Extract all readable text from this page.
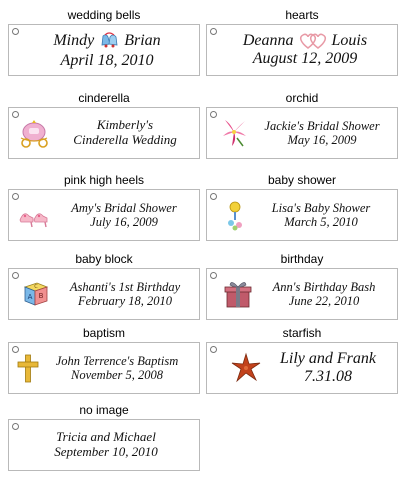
wedding bells
Mindy Brian
April 18, 2010
hearts
Deanna Louis
August 12, 2009
cinderella
Kimberly's
Cinderella Wedding
orchid
Jackie's Bridal Shower
May 16, 2009
pink high heels
Amy's Bridal Shower
July 16, 2009
baby shower
Lisa's Baby Shower
March 5, 2010
baby block
A B
C	Ashanti's 1st Birthday
February 18, 2010
birthday
Ann's Birthday Bash
June 22, 2010
baptism
John Terrence's Baptism
November 5, 2008
starfish
Lily and Frank
7.31.08
no image
Tricia and Michael
September 10, 2010
